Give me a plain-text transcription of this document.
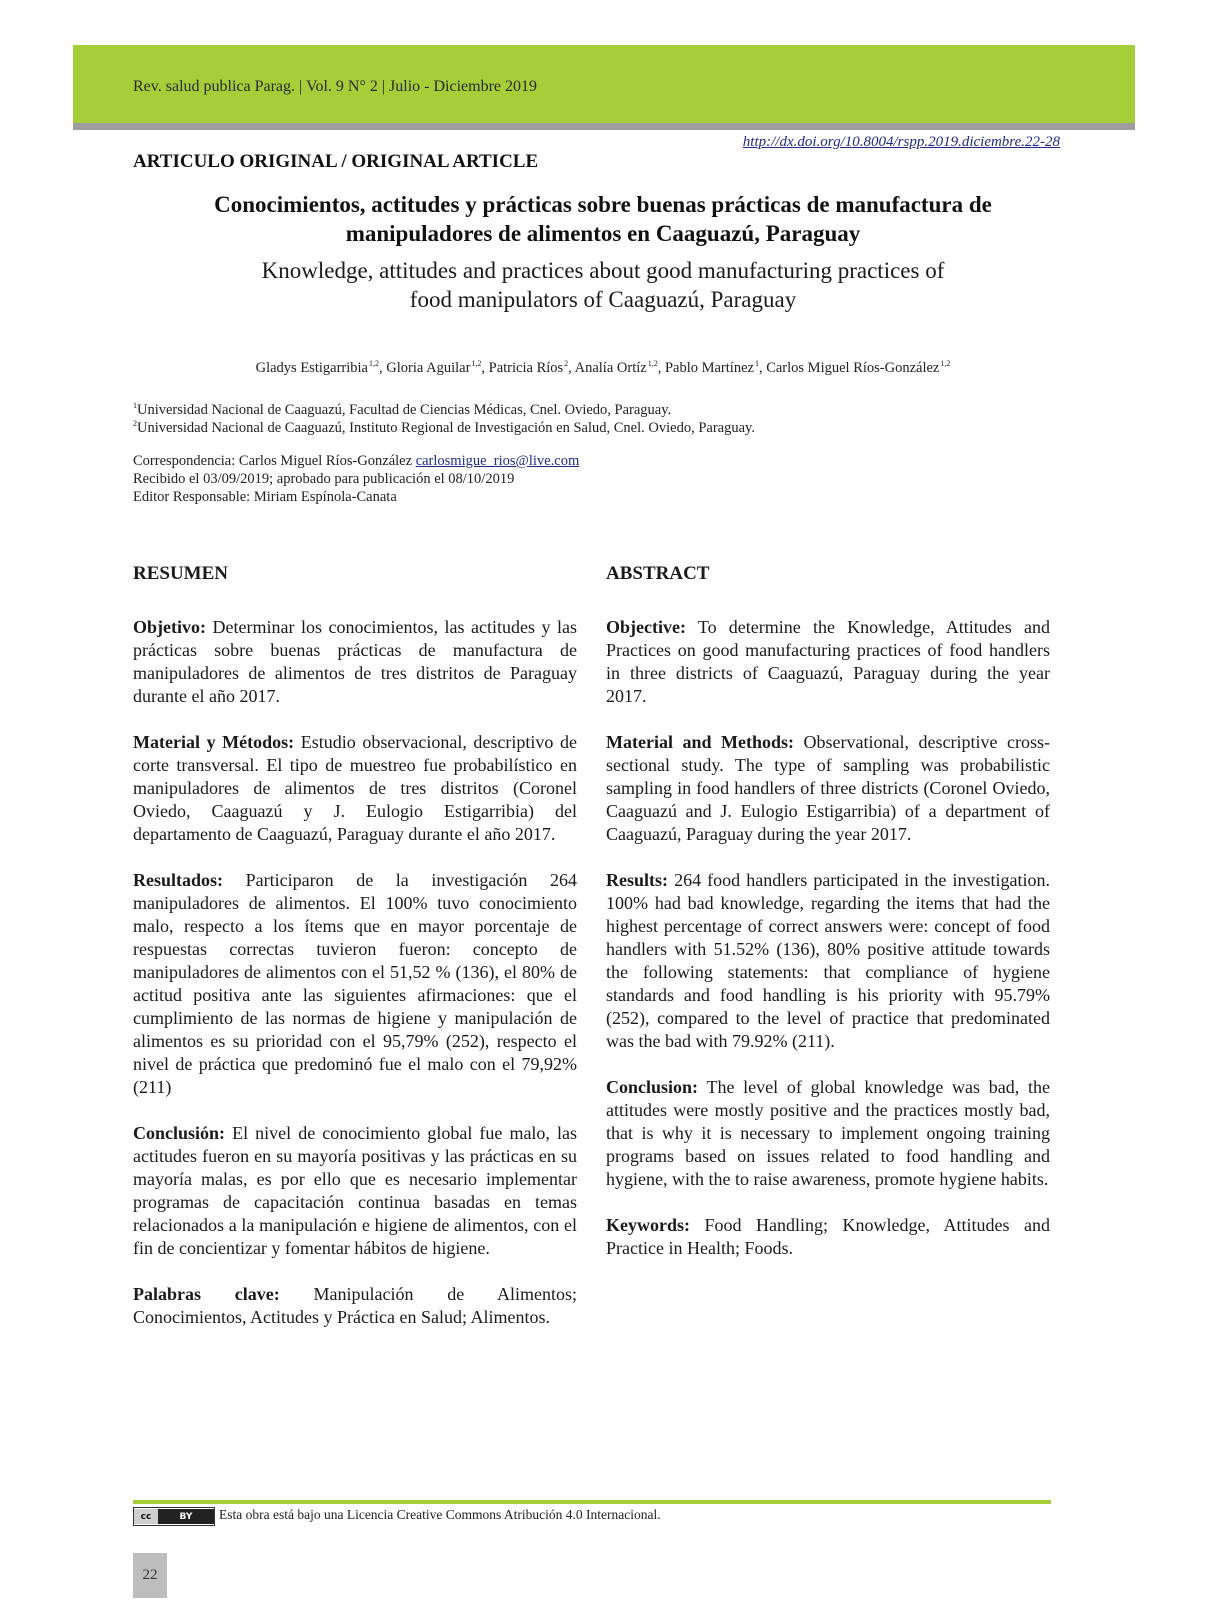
Rev. salud publica Parag. | Vol. 9 N° 2 | Julio - Diciembre 2019
http://dx.doi.org/10.8004/rspp.2019.diciembre.22-28
ARTICULO ORIGINAL / ORIGINAL ARTICLE
Conocimientos, actitudes y prácticas sobre buenas prácticas de manufactura de
manipuladores de alimentos en Caaguazú, Paraguay
Knowledge, attitudes and practices about good manufacturing practices of
food manipulators of Caaguazú, Paraguay
Gladys Estigarribia$^{1,2}$, Gloria Aguilar$^{1,2}$, Patricia Ríos$^2$, Analía Ortíz$^{1,2}$, Pablo Martínez$^1$, Carlos Miguel Ríos-González$^{1,2}$
$^1$Universidad Nacional de Caaguazú, Facultad de Ciencias Médicas, Cnel. Oviedo, Paraguay.
$^2$Universidad Nacional de Caaguazú, Instituto Regional de Investigación en Salud, Cnel. Oviedo, Paraguay.
Correspondencia: Carlos Miguel Ríos-González carlosmigue_rios@live.com
Recibido el 03/09/2019; aprobado para publicación el 08/10/2019
Editor Responsable: Miriam Espínola-Canata
RESUMEN

Objetivo: Determinar los conocimientos, las actitudes y las prácticas sobre buenas prácticas de manufactura de manipuladores de alimentos de tres distritos de Paraguay durante el año 2017.

Material y Métodos: Estudio observacional, descriptivo de corte transversal. El tipo de muestreo fue probabilístico en manipuladores de alimentos de tres distritos (Coronel Oviedo, Caaguazú y J. Eulogio Estigarribia) del departamento de Caaguazú, Paraguay durante el año 2017.

Resultados: Participaron de la investigación 264 manipuladores de alimentos. El 100% tuvo conocimiento malo, respecto a los ítems que en mayor porcentaje de respuestas correctas tuvieron fueron: concepto de manipuladores de alimentos con el 51,52 % (136), el 80% de actitud positiva ante las siguientes afirmaciones: que el cumplimiento de las normas de higiene y manipulación de alimentos es su prioridad con el 95,79% (252), respecto el nivel de práctica que predominó fue el malo con el 79,92% (211)

Conclusión: El nivel de conocimiento global fue malo, las actitudes fueron en su mayoría positivas y las prácticas en su mayoría malas, es por ello que es necesario implementar programas de capacitación continua basadas en temas relacionados a la manipulación e higiene de alimentos, con el fin de concientizar y fomentar hábitos de higiene.

Palabras clave: Manipulación de Alimentos; Conocimientos, Actitudes y Práctica en Salud; Alimentos.

ABSTRACT

Objective: To determine the Knowledge, Attitudes and Practices on good manufacturing practices of food handlers in three districts of Caaguazú, Paraguay during the year 2017.

Material and Methods: Observational, descriptive cross-sectional study. The type of sampling was probabilistic sampling in food handlers of three districts (Coronel Oviedo, Caaguazú and J. Eulogio Estigarribia) of a department of Caaguazú, Paraguay during the year 2017.

Results: 264 food handlers participated in the investigation. 100% had bad knowledge, regarding the items that had the highest percentage of correct answers were: concept of food handlers with 51.52% (136), 80% positive attitude towards the following statements: that compliance of hygiene standards and food handling is his priority with 95.79% (252), compared to the level of practice that predominated was the bad with 79.92% (211).

Conclusion: The level of global knowledge was bad, the attitudes were mostly positive and the practices mostly bad, that is why it is necessary to implement ongoing training programs based on issues related to food handling and hygiene, with the to raise awareness, promote hygiene habits.

Keywords: Food Handling; Knowledge, Attitudes and Practice in Health; Foods.

cc	BY	Esta obra está bajo una Licencia Creative Commons Atribución 4.0 Internacional.
22
